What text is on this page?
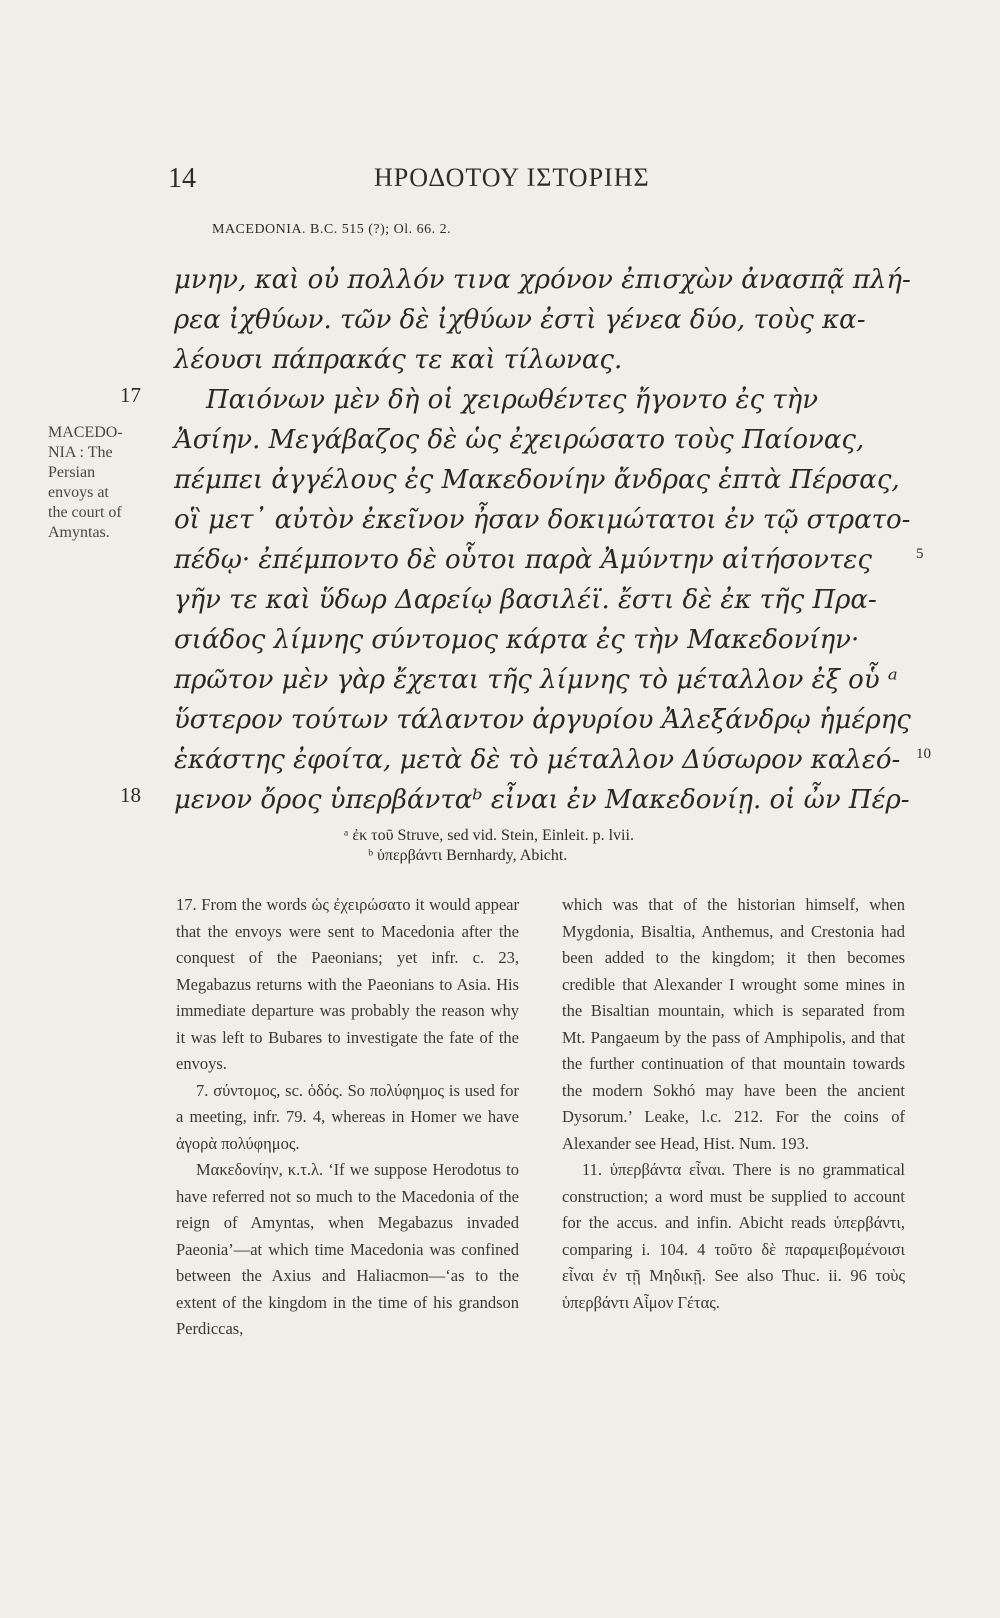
14	ΗΡΟΔΟΤΟΥ ΙΣΤΟΡΙΗΣ
MACEDONIA. B.C. 515 (?); Ol. 66. 2.
μνην, καὶ οὐ πολλόν τινα χρόνον ἐπισχὼν ἀνασπᾷ πλή-
ρεα ἰχθύων. τῶν δὲ ἰχθύων ἐστὶ γένεα δύο, τοὺς κα-
λέουσι πάπρακάς τε καὶ τίλωνας.
Παιόνων μὲν δὴ οἱ χειρωθέντες ἤγοντο ἐς τὴν
Ἀσίην. Μεγάβαζος δὲ ὡς ἐχειρώσατο τοὺς Παίονας,
πέμπει ἀγγέλους ἐς Μακεδονίην ἄνδρας ἑπτὰ Πέρσας,
οἳ μετ᾿ αὐτὸν ἐκεῖνον ἦσαν δοκιμώτατοι ἐν τῷ στρατο-
πέδῳ· ἐπέμποντο δὲ οὗτοι παρὰ Ἀμύντην αἰτήσοντες
γῆν τε καὶ ὕδωρ Δαρείῳ βασιλέϊ. ἔστι δὲ ἐκ τῆς Πρα-
σιάδος λίμνης σύντομος κάρτα ἐς τὴν Μακεδονίην·
πρῶτον μὲν γὰρ ἔχεται τῆς λίμνης τὸ μέταλλον ἐξ οὗ ᵃ
ὕστερον τούτων τάλαντον ἀργυρίου Ἀλεξάνδρῳ ἡμέρης
ἑκάστης ἐφοίτα, μετὰ δὲ τὸ μέταλλον Δύσωρον καλεό-
μενον ὄρος ὑπερβάνταᵇ εἶναι ἐν Μακεδονίῃ. οἱ ὦν Πέρ-
17
18
5
10
MACEDO-
NIA : The
Persian
envoys at
the court of
Amyntas.
ᵃ ἐκ τοῦ Struve, sed vid. Stein, Einleit. p. lvii.
ᵇ ὑπερβάντι Bernhardy, Abicht.

17. From the words ὡς ἐχειρώσατο it would appear that the envoys were sent to Macedonia after the conquest of the Paeonians; yet infr. c. 23, Megabazus returns with the Paeonians to Asia. His immediate departure was probably the reason why it was left to Bubares to investigate the fate of the envoys.

7. σύντομος, sc. ὁδός. So πολύφημος is used for a meeting, infr. 79. 4, whereas in Homer we have ἀγορὰ πολύφημος.

Μακεδονίην, κ.τ.λ. ‘If we suppose Herodotus to have referred not so much to the Macedonia of the reign of Amyntas, when Megabazus invaded Paeonia’—at which time Macedonia was confined between the Axius and Haliacmon—‘as to the extent of the kingdom in the time of his grandson Perdiccas,

which was that of the historian himself, when Mygdonia, Bisaltia, Anthemus, and Crestonia had been added to the kingdom; it then becomes credible that Alexander I wrought some mines in the Bisaltian mountain, which is separated from Mt. Pangaeum by the pass of Amphipolis, and that the further continuation of that mountain towards the modern Sokhó may have been the ancient Dysorum.’ Leake, l.c. 212. For the coins of Alexander see Head, Hist. Num. 193.

11. ὑπερβάντα εἶναι. There is no grammatical construction; a word must be supplied to account for the accus. and infin. Abicht reads ὑπερβάντι, comparing i. 104. 4 τοῦτο δὲ παραμειβομένοισι εἶναι ἐν τῇ Μηδικῇ. See also Thuc. ii. 96 τοὺς ὑπερβάντι Αἶμον Γέτας.
